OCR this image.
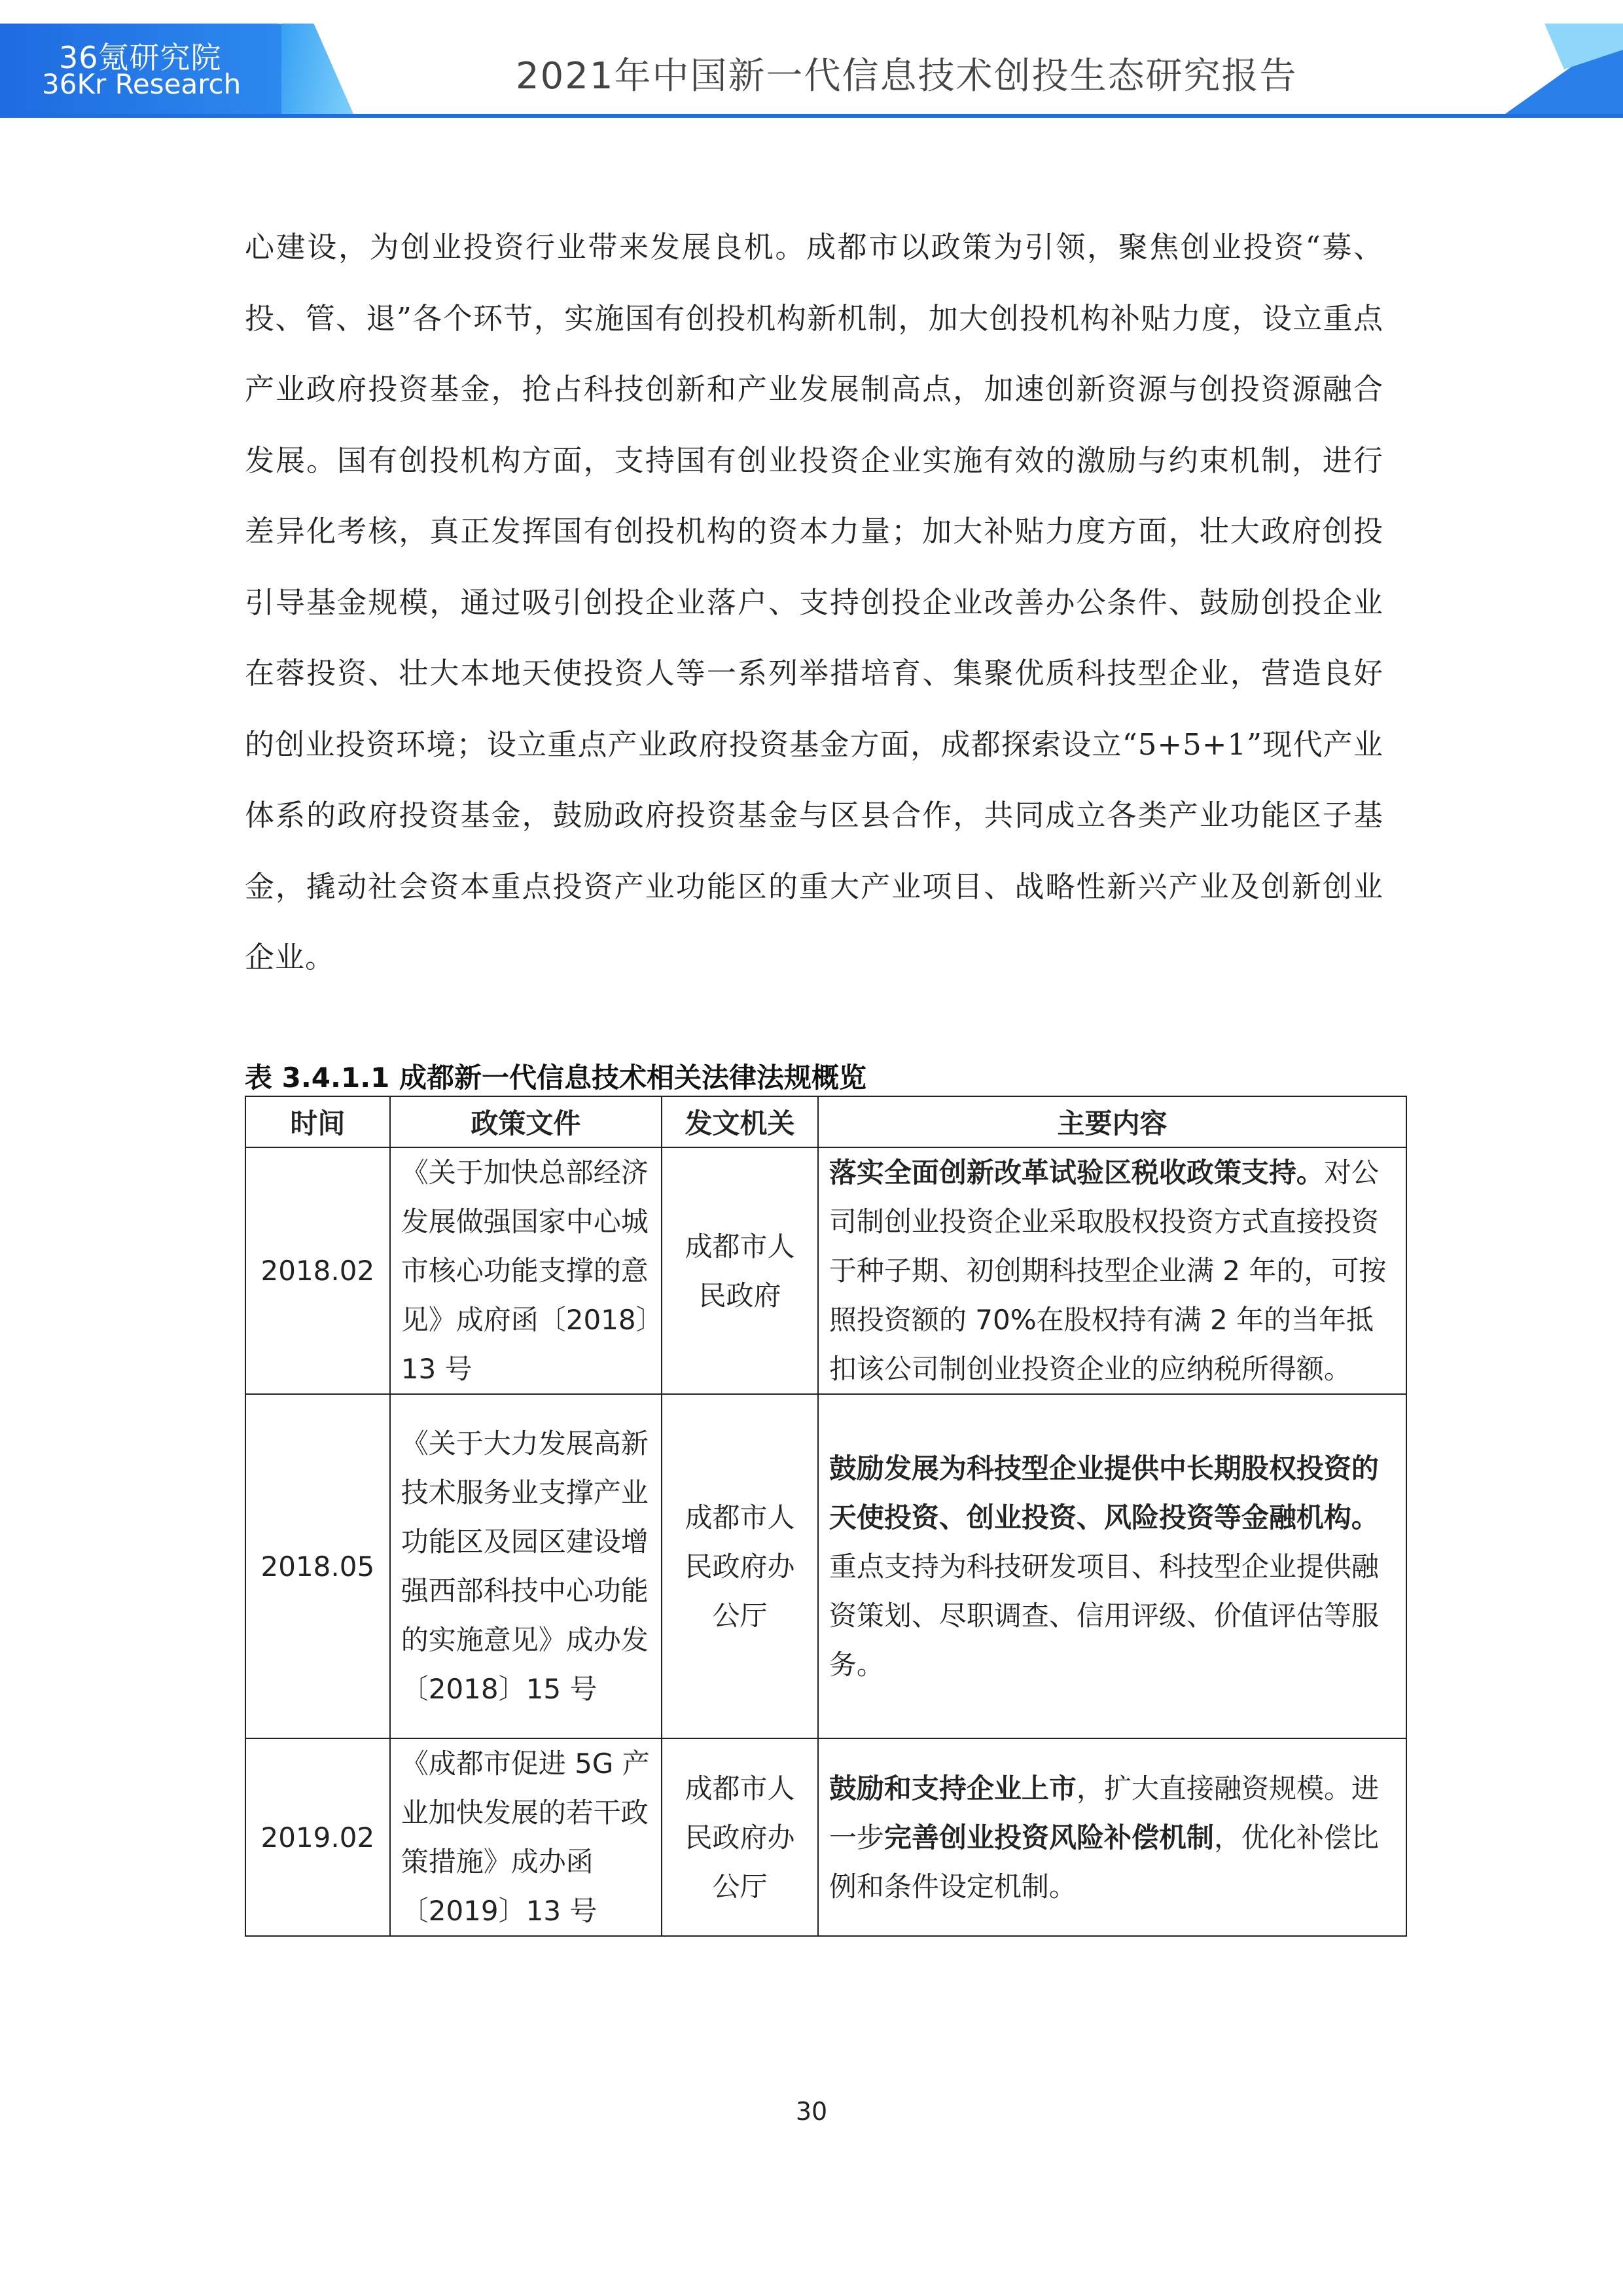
36氪研究院
36Kr Research	2021年中国新一代信息技术创投生态研究报告
心建设，为创业投资行业带来发展良机。成都市以政策为引领，聚焦创业投资“募、投、管、退”各个环节，实施国有创投机构新机制，加大创投机构补贴力度，设立重点产业政府投资基金，抢占科技创新和产业发展制高点，加速创新资源与创投资源融合发展。国有创投机构方面，支持国有创业投资企业实施有效的激励与约束机制，进行差异化考核，真正发挥国有创投机构的资本力量；加大补贴力度方面，壮大政府创投引导基金规模，通过吸引创投企业落户、支持创投企业改善办公条件、鼓励创投企业在蓉投资、壮大本地天使投资人等一系列举措培育、集聚优质科技型企业，营造良好的创业投资环境；设立重点产业政府投资基金方面，成都探索设立“5+5+1”现代产业体系的政府投资基金，鼓励政府投资基金与区县合作，共同成立各类产业功能区子基金，撬动社会资本重点投资产业功能区的重大产业项目、战略性新兴产业及创新创业企业。
表 3.4.1.1 成都新一代信息技术相关法律法规概览
时间	政策文件	发文机关	主要内容
2018.02	《关于加快总部经济发展做强国家中心城市核心功能支撑的意见》成府函〔2018〕13 号	成都市人民政府	落实全面创新改革试验区税收政策支持。对公司制创业投资企业采取股权投资方式直接投资于种子期、初创期科技型企业满 2 年的，可按照投资额的 70%在股权持有满 2 年的当年抵扣该公司制创业投资企业的应纳税所得额。
2018.05	《关于大力发展高新技术服务业支撑产业功能区及园区建设增强西部科技中心功能的实施意见》成办发〔2018〕15 号	成都市人民政府办公厅	鼓励发展为科技型企业提供中长期股权投资的天使投资、创业投资、风险投资等金融机构。重点支持为科技研发项目、科技型企业提供融资策划、尽职调查、信用评级、价值评估等服务。
2019.02	《成都市促进 5G 产业加快发展的若干政策措施》成办函〔2019〕13 号	成都市人民政府办公厅	鼓励和支持企业上市，扩大直接融资规模。进一步完善创业投资风险补偿机制，优化补偿比例和条件设定机制。
30
